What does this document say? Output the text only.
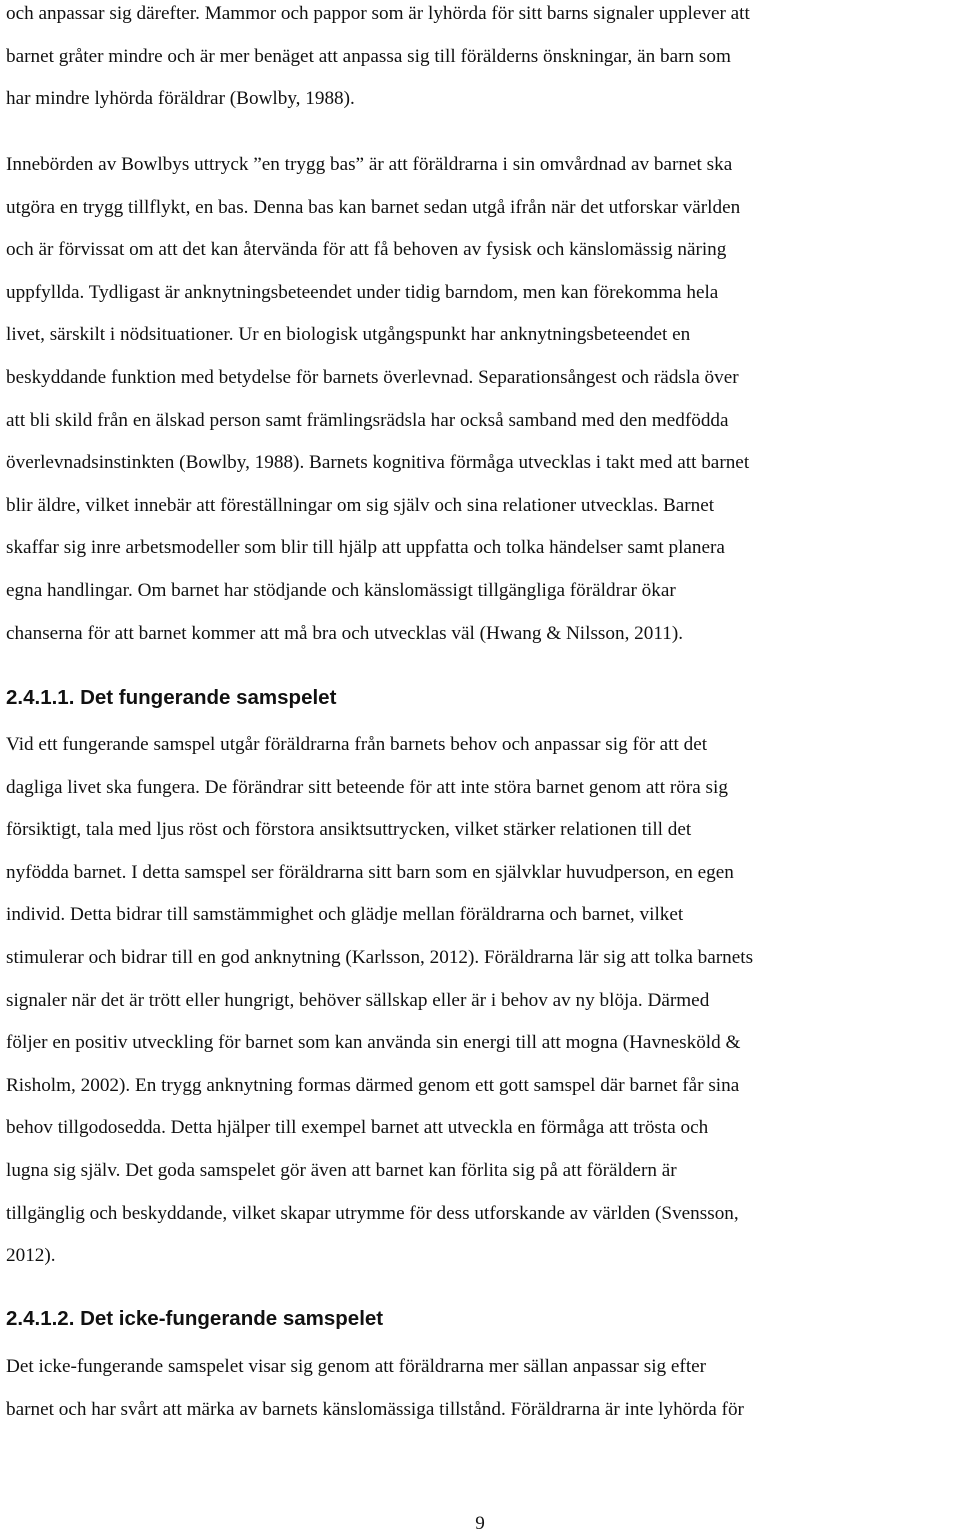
och anpassar sig därefter. Mammor och pappor som är lyhörda för sitt barns signaler upplever att
barnet gråter mindre och är mer benäget att anpassa sig till förälderns önskningar, än barn som
har mindre lyhörda föräldrar (Bowlby, 1988).
Innebörden av Bowlbys uttryck ”en trygg bas” är att föräldrarna i sin omvårdnad av barnet ska
utgöra en trygg tillflykt, en bas. Denna bas kan barnet sedan utgå ifrån när det utforskar världen
och är förvissat om att det kan återvända för att få behoven av fysisk och känslomässig näring
uppfyllda. Tydligast är anknytningsbeteendet under tidig barndom, men kan förekomma hela
livet, särskilt i nödsituationer. Ur en biologisk utgångspunkt har anknytningsbeteendet en
beskyddande funktion med betydelse för barnets överlevnad. Separationsångest och rädsla över
att bli skild från en älskad person samt främlingsrädsla har också samband med den medfödda
överlevnadsinstinkten (Bowlby, 1988). Barnets kognitiva förmåga utvecklas i takt med att barnet
blir äldre, vilket innebär att föreställningar om sig själv och sina relationer utvecklas. Barnet
skaffar sig inre arbetsmodeller som blir till hjälp att uppfatta och tolka händelser samt planera
egna handlingar. Om barnet har stödjande och känslomässigt tillgängliga föräldrar ökar
chanserna för att barnet kommer att må bra och utvecklas väl (Hwang & Nilsson, 2011).
2.4.1.1. Det fungerande samspelet
Vid ett fungerande samspel utgår föräldrarna från barnets behov och anpassar sig för att det
dagliga livet ska fungera. De förändrar sitt beteende för att inte störa barnet genom att röra sig
försiktigt, tala med ljus röst och förstora ansiktsuttrycken, vilket stärker relationen till det
nyfödda barnet. I detta samspel ser föräldrarna sitt barn som en självklar huvudperson, en egen
individ. Detta bidrar till samstämmighet och glädje mellan föräldrarna och barnet, vilket
stimulerar och bidrar till en god anknytning (Karlsson, 2012). Föräldrarna lär sig att tolka barnets
signaler när det är trött eller hungrigt, behöver sällskap eller är i behov av ny blöja. Därmed
följer en positiv utveckling för barnet som kan använda sin energi till att mogna (Havnesköld &
Risholm, 2002). En trygg anknytning formas därmed genom ett gott samspel där barnet får sina
behov tillgodosedda. Detta hjälper till exempel barnet att utveckla en förmåga att trösta och
lugna sig själv. Det goda samspelet gör även att barnet kan förlita sig på att föräldern är
tillgänglig och beskyddande, vilket skapar utrymme för dess utforskande av världen (Svensson,
2012).
2.4.1.2. Det icke-fungerande samspelet
Det icke-fungerande samspelet visar sig genom att föräldrarna mer sällan anpassar sig efter
barnet och har svårt att märka av barnets känslomässiga tillstånd. Föräldrarna är inte lyhörda för
9
